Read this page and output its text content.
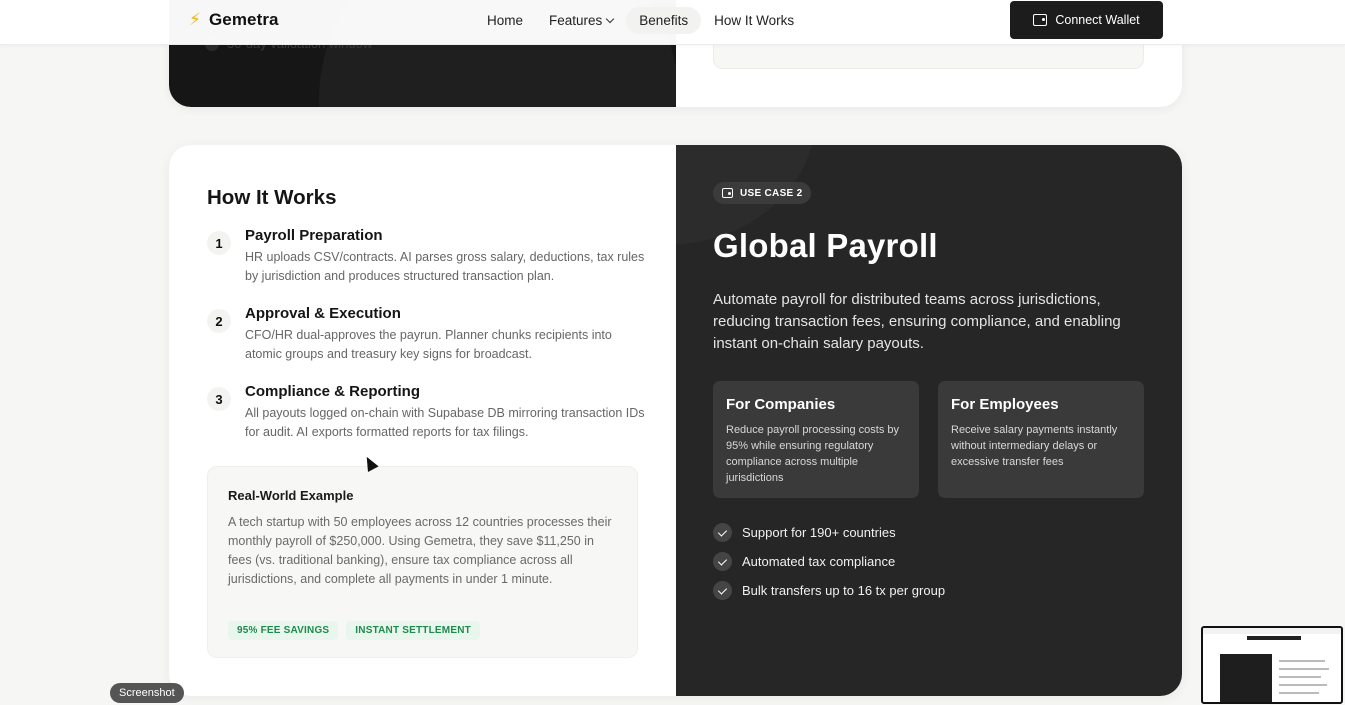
⚡ Gemetra	Home	Features	Benefits	How It Works	Connect Wallet
How It Works
1	Payroll Preparation

HR uploads CSV/contracts. AI parses gross salary, deductions, tax rules by jurisdiction and produces structured transaction plan.

2	Approval & Execution

CFO/HR dual-approves the payrun. Planner chunks recipients into atomic groups and treasury key signs for broadcast.

3	Compliance & Reporting

All payouts logged on-chain with Supabase DB mirroring transaction IDs for audit. AI exports formatted reports for tax filings.

Real-World Example

A tech startup with 50 employees across 12 countries processes their monthly payroll of $250,000. Using Gemetra, they save $11,250 in fees (vs. traditional banking), ensure tax compliance across all jurisdictions, and complete all payments in under 1 minute.

95% FEE SAVINGS	INSTANT SETTLEMENT
USE CASE 2
Global Payroll

Automate payroll for distributed teams across jurisdictions, reducing transaction fees, ensuring compliance, and enabling instant on-chain salary payouts.

For Companies

Reduce payroll processing costs by 95% while ensuring regulatory compliance across multiple jurisdictions

For Employees

Receive salary payments instantly without intermediary delays or excessive transfer fees

Support for 190+ countries
Automated tax compliance
Bulk transfers up to 16 tx per group
Screenshot
